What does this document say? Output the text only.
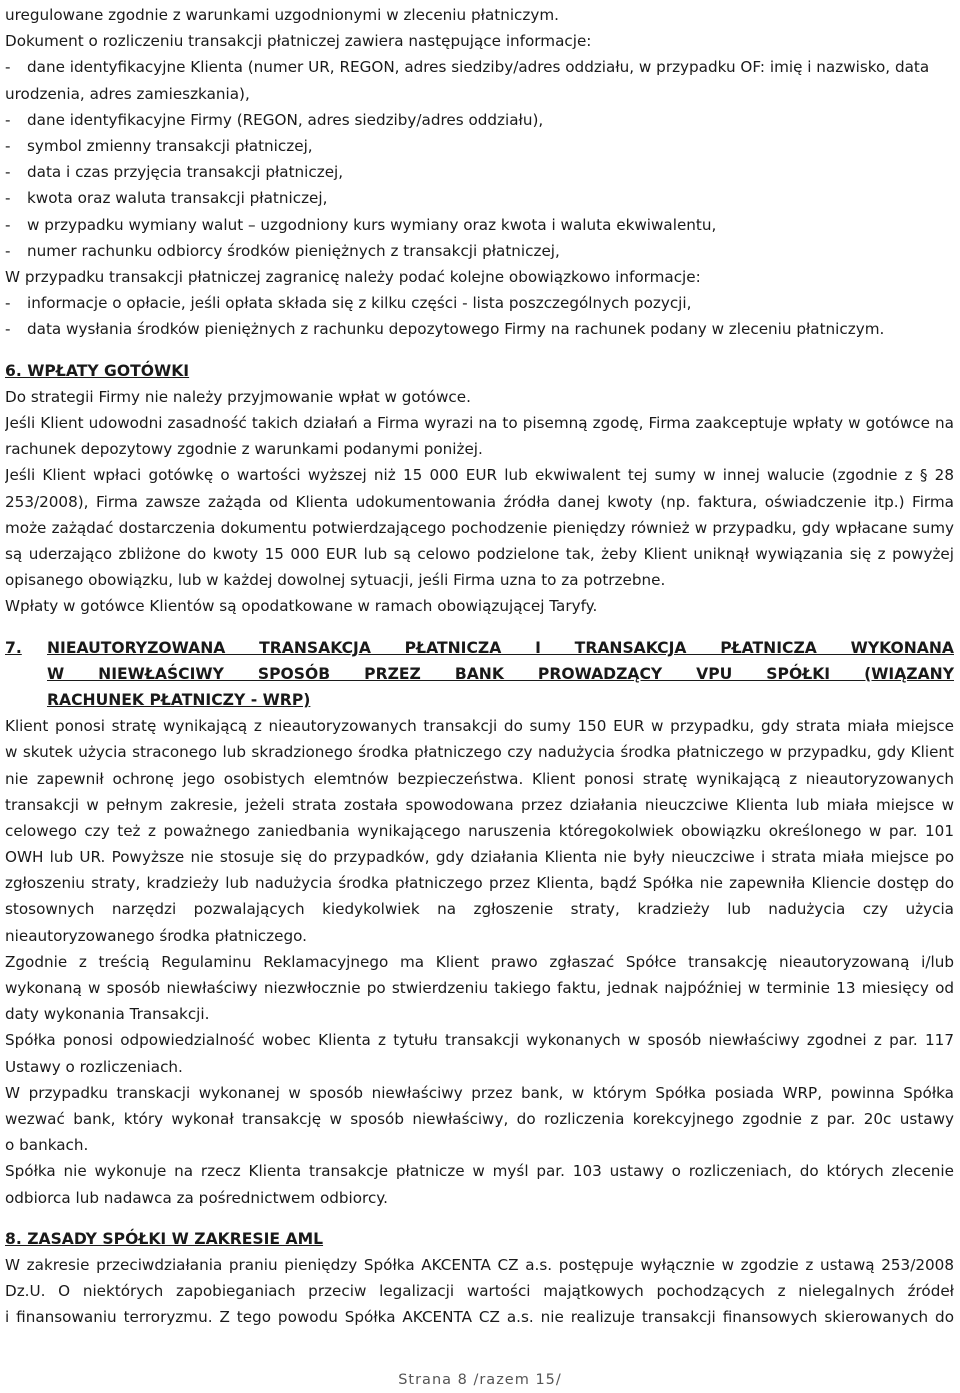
uregulowane zgodnie z warunkami uzgodnionymi w zleceniu płatniczym.
Dokument o rozliczeniu transakcji płatniczej zawiera następujące informacje:
-	dane identyfikacyjne Klienta (numer UR, REGON, adres siedziby/adres oddziału, w przypadku OF: imię i nazwisko, data
urodzenia, adres zamieszkania),
-	dane identyfikacyjne Firmy (REGON, adres siedziby/adres oddziału),
-	symbol zmienny transakcji płatniczej,
-	data i czas przyjęcia transakcji płatniczej,
-	kwota oraz waluta transakcji płatniczej,
-	w przypadku wymiany walut – uzgodniony kurs wymiany oraz kwota i waluta ekwiwalentu,
-	numer rachunku odbiorcy środków pieniężnych z transakcji płatniczej,
W przypadku transakcji płatniczej zagranicę należy podać kolejne obowiązkowo informacje:
-	informacje o opłacie, jeśli opłata składa się z kilku części - lista poszczególnych pozycji,
-	data wysłania środków pieniężnych z rachunku depozytowego Firmy na rachunek podany w zleceniu płatniczym.
6. WPŁATY GOTÓWKI
Do strategii Firmy nie należy przyjmowanie wpłat w gotówce.
Jeśli Klient udowodni zasadność takich działań a Firma wyrazi na to pisemną zgodę, Firma zaakceptuje wpłaty w gotówce na
rachunek depozytowy zgodnie z warunkami podanymi poniżej.
Jeśli Klient wpłaci gotówkę o wartości wyższej niż 15 000 EUR lub ekwiwalent tej sumy w innej walucie (zgodnie z § 28
253/2008), Firma zawsze zażąda od Klienta udokumentowania źródła danej kwoty (np. faktura, oświadczenie itp.) Firma
może zażądać dostarczenia dokumentu potwierdzającego pochodzenie pieniędzy również w przypadku, gdy wpłacane sumy
są uderzająco zbliżone do kwoty 15 000 EUR lub są celowo podzielone tak, żeby Klient uniknął wywiązania się z powyżej
opisanego obowiązku, lub w każdej dowolnej sytuacji, jeśli Firma uzna to za potrzebne.
Wpłaty w gotówce Klientów są opodatkowane w ramach obowiązującej Taryfy.
7.	NIEAUTORYZOWANA TRANSAKCJA PŁATNICZA I TRANSAKCJA PŁATNICZA WYKONANA
W NIEWŁAŚCIWY SPOSÓB PRZEZ BANK PROWADZĄCY VPU SPÓŁKI (WIĄZANY
RACHUNEK PŁATNICZY - WRP)
Klient ponosi stratę wynikającą z nieautoryzowanych transakcji do sumy 150 EUR w przypadku, gdy strata miała miejsce
w skutek użycia straconego lub skradzionego środka płatniczego czy nadużycia środka płatniczego w przypadku, gdy Klient
nie zapewnił ochronę jego osobistych elemtnów bezpieczeństwa. Klient ponosi stratę wynikającą z nieautoryzowanych
transakcji w pełnym zakresie, jeżeli strata została spowodowana przez działania nieuczciwe Klienta lub miała miejsce w
celowego czy też z poważnego zaniedbania wynikającego naruszenia któregokolwiek obowiązku określonego w par. 101
OWH lub UR. Powyższe nie stosuje się do przypadków, gdy działania Klienta nie były nieuczciwe i strata miała miejsce po
zgłoszeniu straty, kradzieży lub nadużycia środka płatniczego przez Klienta, bądź Spółka nie zapewniła Kliencie dostęp do
stosownych narzędzi pozwalających kiedykolwiek na zgłoszenie straty, kradzieży lub nadużycia czy użycia
nieautoryzowanego środka płatniczego.
Zgodnie z treścią Regulaminu Reklamacyjnego ma Klient prawo zgłaszać Spółce transakcję nieautoryzowaną i/lub
wykonaną w sposób niewłaściwy niezwłocznie po stwierdzeniu takiego faktu, jednak najpóźniej w terminie 13 miesięcy od
daty wykonania Transakcji.
Spółka ponosi odpowiedzialność wobec Klienta z tytułu transakcji wykonanych w sposób niewłaściwy zgodnei z par. 117
Ustawy o rozliczeniach.
W przypadku transkacji wykonanej w sposób niewłaściwy przez bank, w którym Spółka posiada WRP, powinna Spółka
wezwać bank, który wykonał transakcję w sposób niewłaściwy, do rozliczenia korekcyjnego zgodnie z par. 20c ustawy
o bankach.
Spółka nie wykonuje na rzecz Klienta transakcje płatnicze w myśl par. 103 ustawy o rozliczeniach, do których zlecenie
odbiorca lub nadawca za pośrednictwem odbiorcy.
8. ZASADY SPÓŁKI W ZAKRESIE AML
W zakresie przeciwdziałania praniu pieniędzy Spółka AKCENTA CZ a.s. postępuje wyłącznie w zgodzie z ustawą 253/2008
Dz.U. O niektórych zapobieganiach przeciw legalizacji wartości majątkowych pochodzących z nielegalnych źródeł
i finansowaniu terroryzmu. Z tego powodu Spółka AKCENTA CZ a.s. nie realizuje transakcji finansowych skierowanych do
Strana 8 /razem 15/
